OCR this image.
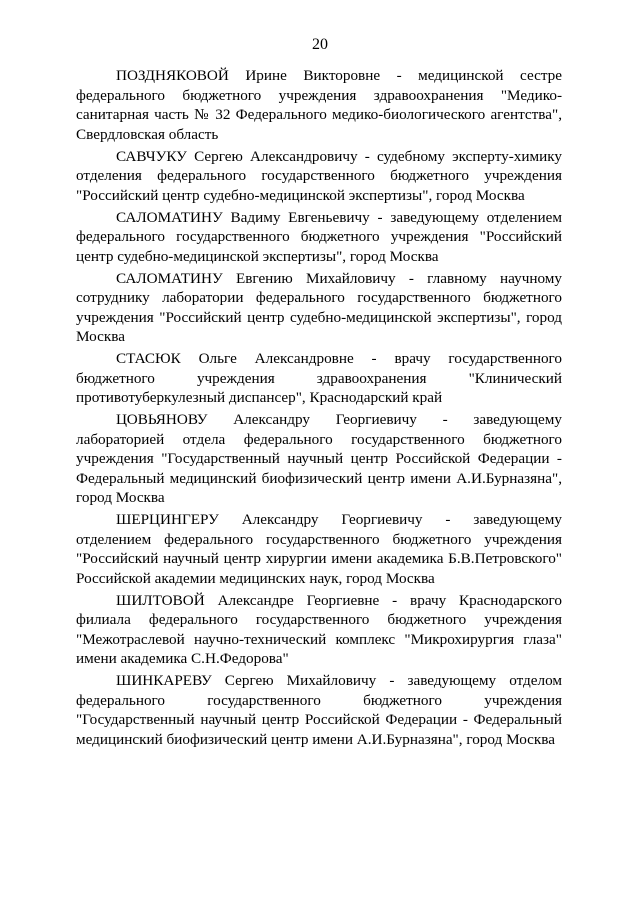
20

ПОЗДНЯКОВОЙ Ирине Викторовне - медицинской сестре федерального бюджетного учреждения здравоохранения "Медико-санитарная часть № 32 Федерального медико-биологического агентства", Свердловская область

САВЧУКУ Сергею Александровичу - судебному эксперту-химику отделения федерального государственного бюджетного учреждения "Российский центр судебно-медицинской экспертизы", город Москва

САЛОМАТИНУ Вадиму Евгеньевичу - заведующему отделением федерального государственного бюджетного учреждения "Российский центр судебно-медицинской экспертизы", город Москва

САЛОМАТИНУ Евгению Михайловичу - главному научному сотруднику лаборатории федерального государственного бюджетного учреждения "Российский центр судебно-медицинской экспертизы", город Москва

СТАСЮК Ольге Александровне - врачу государственного бюджетного учреждения здравоохранения "Клинический противотуберкулезный диспансер", Краснодарский край

ЦОВЬЯНОВУ Александру Георгиевичу - заведующему лабораторией отдела федерального государственного бюджетного учреждения "Государственный научный центр Российской Федерации - Федеральный медицинский биофизический центр имени А.И.Бурназяна", город Москва

ШЕРЦИНГЕРУ Александру Георгиевичу - заведующему отделением федерального государственного бюджетного учреждения "Российский научный центр хирургии имени академика Б.В.Петровского" Российской академии медицинских наук, город Москва

ШИЛТОВОЙ Александре Георгиевне - врачу Краснодарского филиала федерального государственного бюджетного учреждения "Межотраслевой научно-технический комплекс "Микрохирургия глаза" имени академика С.Н.Федорова"

ШИНКАРЕВУ Сергею Михайловичу - заведующему отделом федерального государственного бюджетного учреждения "Государственный научный центр Российской Федерации - Федеральный медицинский биофизический центр имени А.И.Бурназяна", город Москва
